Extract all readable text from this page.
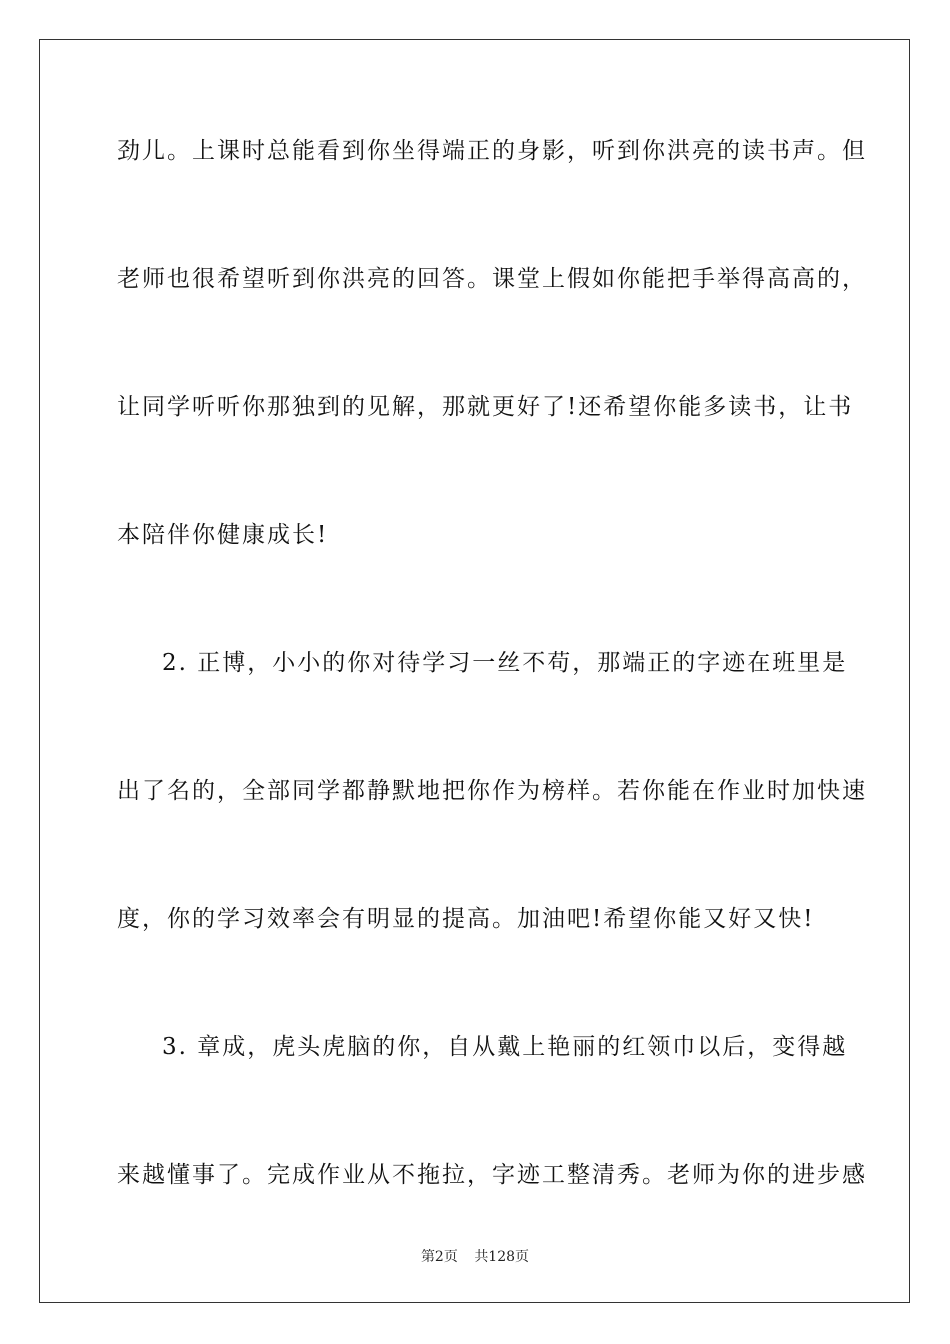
劲儿。上课时总能看到你坐得端正的身影，听到你洪亮的读书声。但
老师也很希望听到你洪亮的回答。课堂上假如你能把手举得高高的，
让同学听听你那独到的见解，那就更好了!还希望你能多读书，让书
本陪伴你健康成长!
2. 正博，小小的你对待学习一丝不苟，那端正的字迹在班里是
出了名的，全部同学都静默地把你作为榜样。若你能在作业时加快速
度，你的学习效率会有明显的提高。加油吧!希望你能又好又快!
3. 章成，虎头虎脑的你，自从戴上艳丽的红领巾以后，变得越
来越懂事了。完成作业从不拖拉，字迹工整清秀。老师为你的进步感
第2页 共128页
